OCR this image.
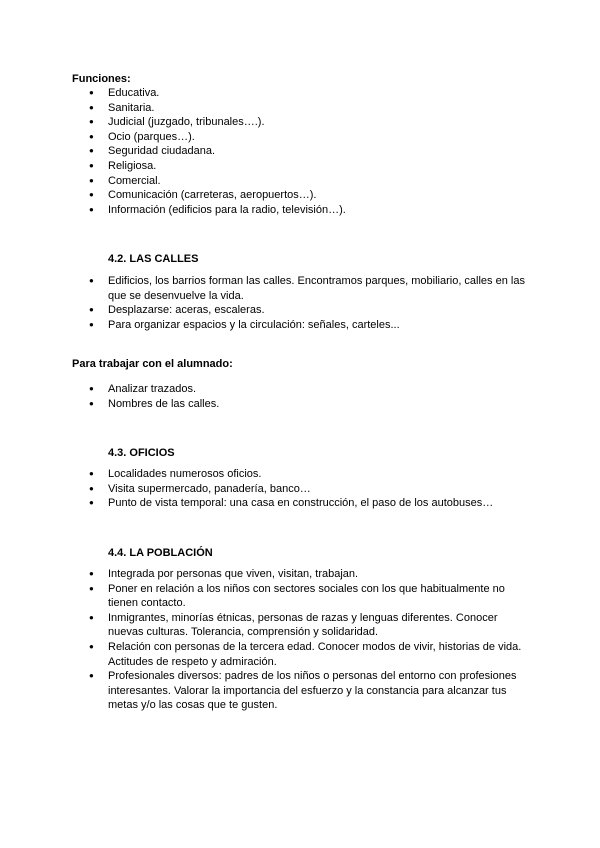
Funciones:
● Educativa.
● Sanitaria.
● Judicial (juzgado, tribunales….).
● Ocio (parques…).
● Seguridad ciudadana.
● Religiosa.
● Comercial.
● Comunicación (carreteras, aeropuertos…).
● Información (edificios para la radio, televisión…).
4.2. LAS CALLES
● Edificios, los barrios forman las calles. Encontramos parques, mobiliario, calles en las que se desenvuelve la vida.
● Desplazarse: aceras, escaleras.
● Para organizar espacios y la circulación: señales, carteles...
Para trabajar con el alumnado:
● Analizar trazados.
● Nombres de las calles.
4.3. OFICIOS
● Localidades numerosos oficios.
● Visita supermercado, panadería, banco…
● Punto de vista temporal: una casa en construcción, el paso de los autobuses…
4.4. LA POBLACIÓN
● Integrada por personas que viven, visitan, trabajan.
● Poner en relación a los niños con sectores sociales con los que habitualmente no tienen contacto.
● Inmigrantes, minorías étnicas, personas de razas y lenguas diferentes. Conocer nuevas culturas. Tolerancia, comprensión y solidaridad.
● Relación con personas de la tercera edad. Conocer modos de vivir, historias de vida. Actitudes de respeto y admiración.
● Profesionales diversos: padres de los niños o personas del entorno con profesiones interesantes. Valorar la importancia del esfuerzo y la constancia para alcanzar tus metas y/o las cosas que te gusten.
